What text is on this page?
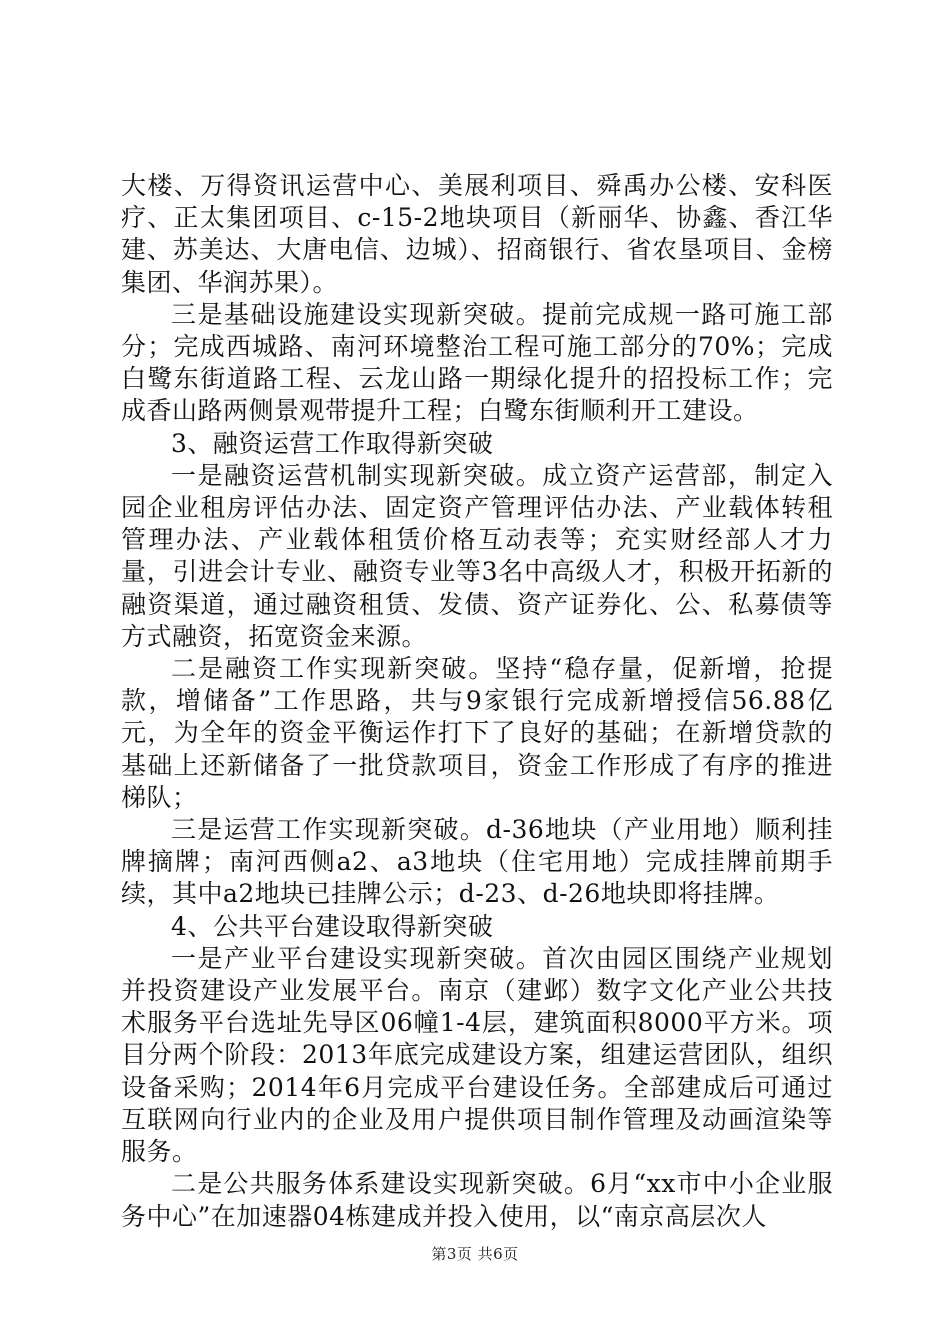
大楼、万得资讯运营中心、美展利项目、舜禹办公楼、安科医疗、正太集团项目、c-15-2地块项目（新丽华、协鑫、香江华建、苏美达、大唐电信、边城）、招商银行、省农垦项目、金榜集团、华润苏果）。

三是基础设施建设实现新突破。提前完成规一路可施工部分；完成西城路、南河环境整治工程可施工部分的70%；完成白鹭东街道路工程、云龙山路一期绿化提升的招投标工作；完成香山路两侧景观带提升工程；白鹭东街顺利开工建设。

3、融资运营工作取得新突破

一是融资运营机制实现新突破。成立资产运营部，制定入园企业租房评估办法、固定资产管理评估办法、产业载体转租管理办法、产业载体租赁价格互动表等；充实财经部人才力量，引进会计专业、融资专业等3名中高级人才，积极开拓新的融资渠道，通过融资租赁、发债、资产证券化、公、私募债等方式融资，拓宽资金来源。

二是融资工作实现新突破。坚持“稳存量，促新增，抢提款，增储备”工作思路，共与9家银行完成新增授信56.88亿元，为全年的资金平衡运作打下了良好的基础；在新增贷款的基础上还新储备了一批贷款项目，资金工作形成了有序的推进梯队；

三是运营工作实现新突破。d-36地块（产业用地）顺利挂牌摘牌；南河西侧a2、a3地块（住宅用地）完成挂牌前期手续，其中a2地块已挂牌公示；d-23、d-26地块即将挂牌。

4、公共平台建设取得新突破

一是产业平台建设实现新突破。首次由园区围绕产业规划并投资建设产业发展平台。南京（建邺）数字文化产业公共技术服务平台选址先导区06幢1-4层，建筑面积8000平方米。项目分两个阶段：2013年底完成建设方案，组建运营团队，组织设备采购；2014年6月完成平台建设任务。全部建成后可通过互联网向行业内的企业及用户提供项目制作管理及动画渲染等服务。

二是公共服务体系建设实现新突破。6月“xx市中小企业服务中心”在加速器04栋建成并投入使用，以“南京高层次人

第3页 共6页
